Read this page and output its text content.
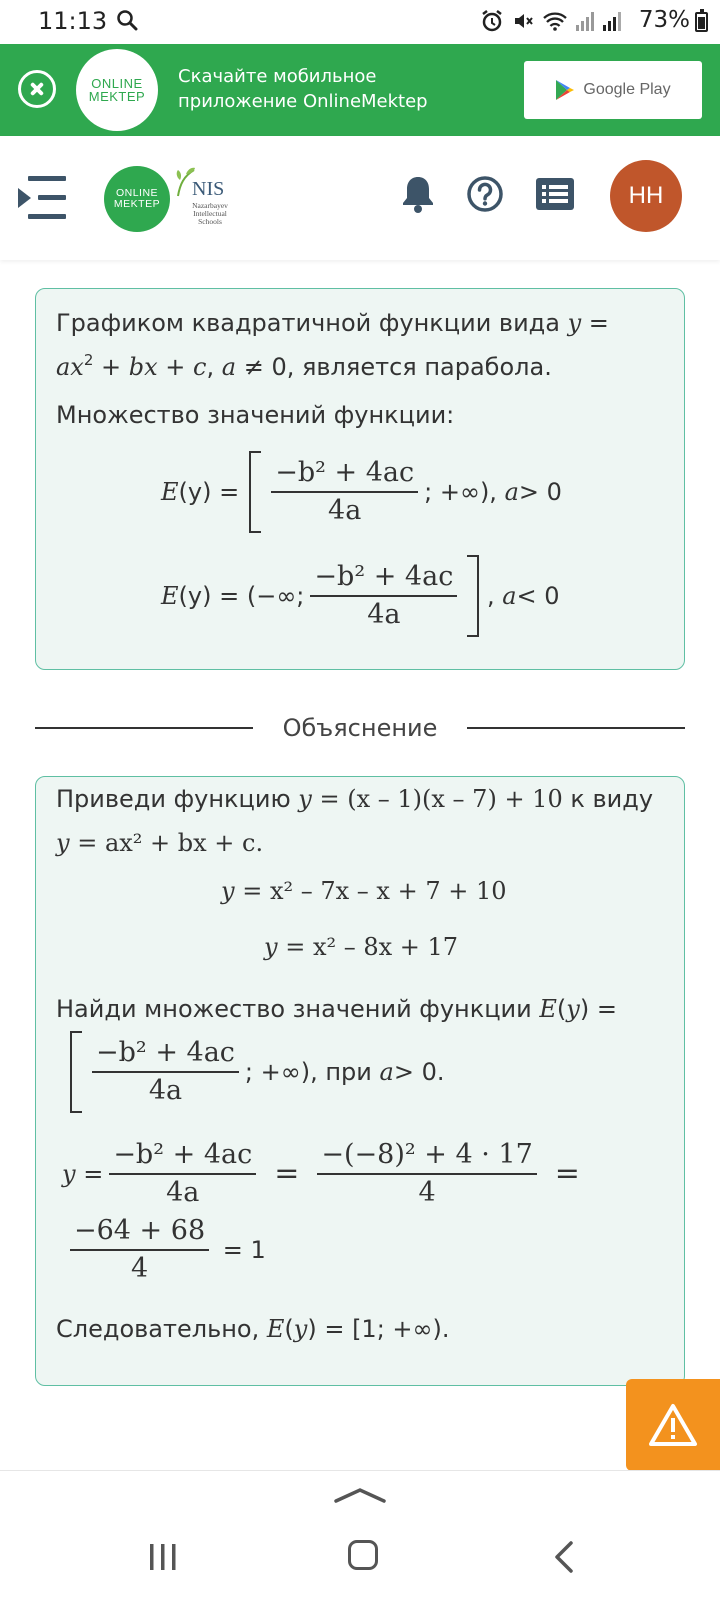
11:13	73%
ONLINE
MEKTEP
Скачайте мобильное
приложение OnlineMektep
Google Play
ONLINE
MEKTEP
NIS
Nazarbayev
Intellectual
Schools
НН
Графиком квадратичной функции вида y =
$ax^2$ + bx + c, a ≠ 0, является парабола.
Множество значений функции:
E $(y) = \frac{\text{−b² + 4ac}}{4a}$ ; +∞),
a > 0
E (y) =
(−∞; $\frac{\text{−b² + 4ac}}{4a}$ , a < 0
Объяснение
Приведи функцию y = (x – 1)(x – 7) + 10 к виду
y = ax² + bx + c.
y
= x² – 7x – x + 7 + 10
y
= x² – 8x + 17
Найди множество значений функции E(y) =
$\frac{\text{−b² + 4ac}}{4a}$ ; +∞), при
a > 0.
$y = \frac{\text{−b² + 4ac}}{4a} = \frac{\text{−(−8)² + 4 · 17}}{4}$ =
$\frac{-64 + 68}{4}$
= 1
Следовательно, E(y) = [1; +∞).
